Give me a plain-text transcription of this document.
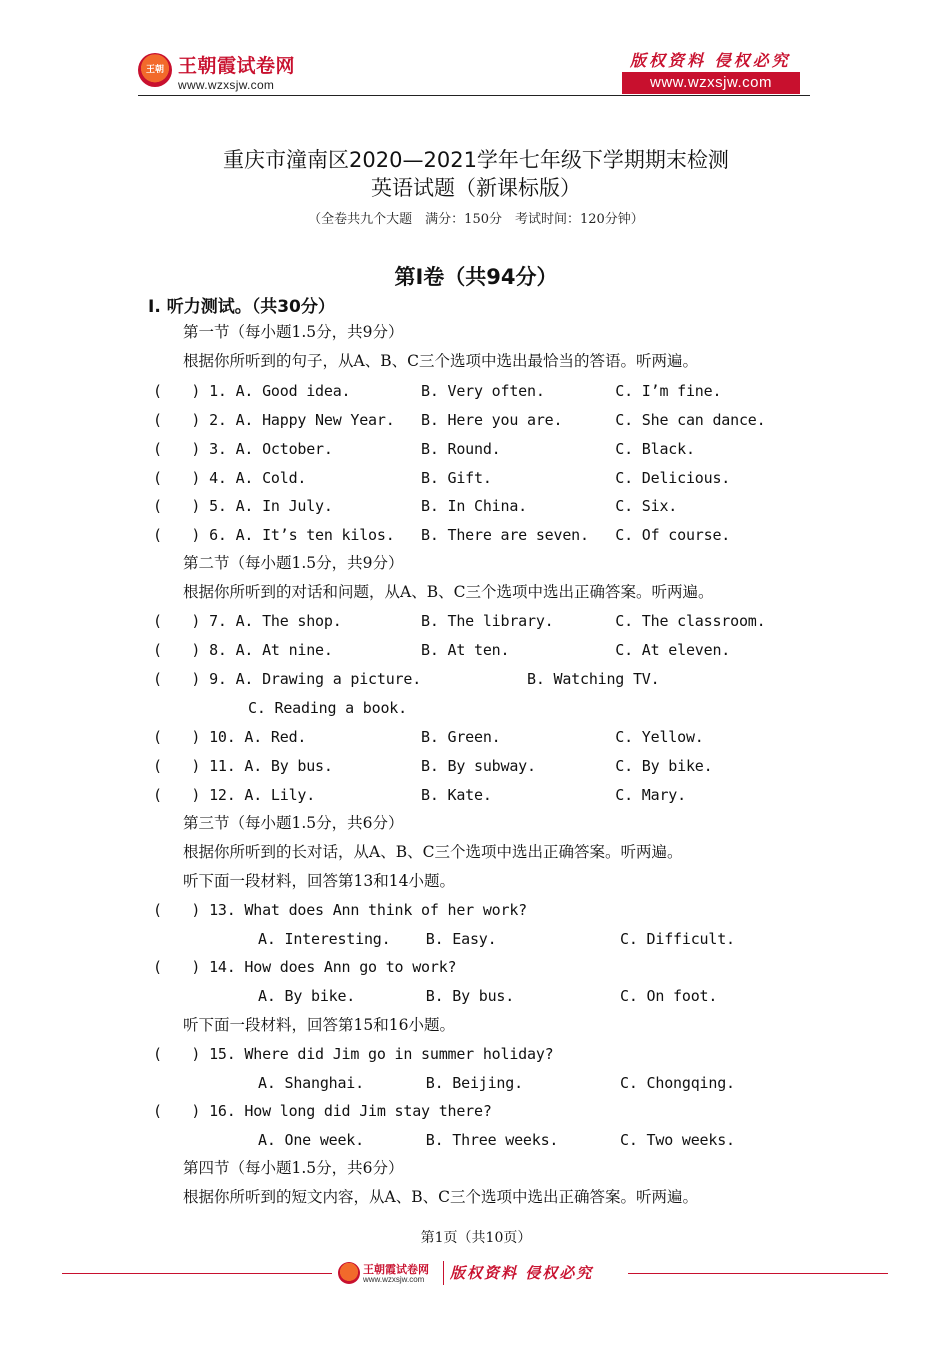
王朝 王朝霞试卷网
www.wzxsjw.com
版权资料 侵权必究
www.wzxsjw.com
重庆市潼南区2020—2021学年七年级下学期期末检测
英语试题（新课标版）
（全卷共九个大题　满分：150分　考试时间：120分钟）
第Ⅰ卷（共94分）
Ⅰ. 听力测试。（共30分）
第一节（每小题1.5分，共9分）
根据你所听到的句子，从A、B、C三个选项中选出最恰当的答语。听两遍。
(　　) 1. A. Good idea.        B. Very often.        C. I’m fine.
(　　) 2. A. Happy New Year.   B. Here you are.      C. She can dance.
(　　) 3. A. October.          B. Round.             C. Black.
(　　) 4. A. Cold.             B. Gift.              C. Delicious.
(　　) 5. A. In July.          B. In China.          C. Six.
(　　) 6. A. It’s ten kilos.   B. There are seven.   C. Of course.
第二节（每小题1.5分，共9分）
根据你所听到的对话和问题，从A、B、C三个选项中选出正确答案。听两遍。
(　　) 7. A. The shop.         B. The library.       C. The classroom.
(　　) 8. A. At nine.          B. At ten.            C. At eleven.
(　　) 9. A. Drawing a picture.            B. Watching TV.
C. Reading a book.
(　　) 10. A. Red.             B. Green.             C. Yellow.
(　　) 11. A. By bus.          B. By subway.         C. By bike.
(　　) 12. A. Lily.            B. Kate.              C. Mary.
第三节（每小题1.5分，共6分）
根据你所听到的长对话，从A、B、C三个选项中选出正确答案。听两遍。
听下面一段材料，回答第13和14小题。
(　　) 13. What does Ann think of her work?
A. Interesting.    B. Easy.              C. Difficult.
(　　) 14. How does Ann go to work?
A. By bike.        B. By bus.            C. On foot.
听下面一段材料，回答第15和16小题。
(　　) 15. Where did Jim go in summer holiday?
A. Shanghai.       B. Beijing.           C. Chongqing.
(　　) 16. How long did Jim stay there?
A. One week.       B. Three weeks.       C. Two weeks.
第四节（每小题1.5分，共6分）
根据你所听到的短文内容，从A、B、C三个选项中选出正确答案。听两遍。
第1页（共10页）
王朝霞试卷网
www.wzxsjw.com 版权资料 侵权必究
